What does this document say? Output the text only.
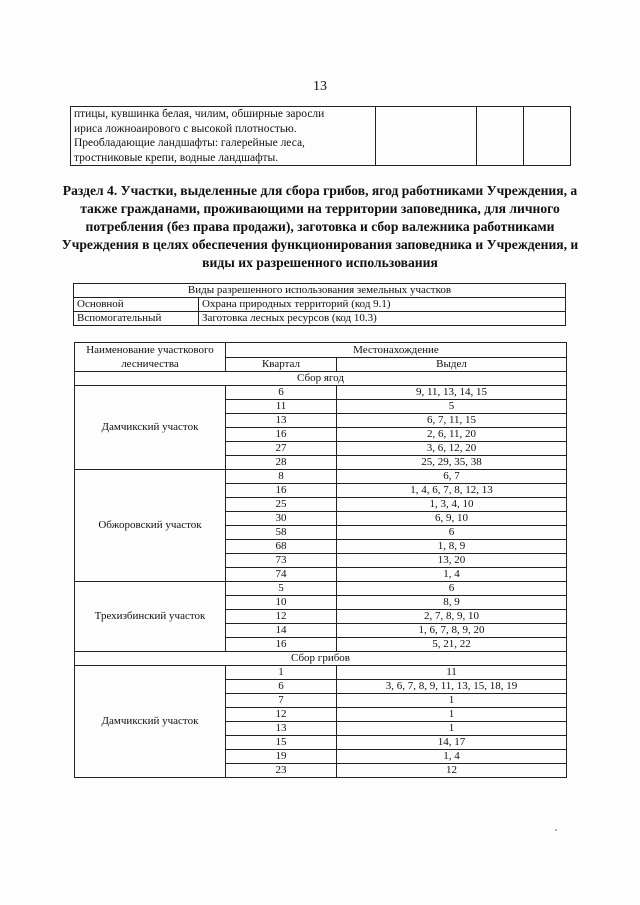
13
птицы, кувшинка белая, чилим, обширные заросли
ириса ложноаирового с высокой плотностью.
Преобладающие ландшафты: галерейные леса,
тростниковые крепи, водные ландшафты.

Раздел 4. Участки, выделенные для сбора грибов, ягод работниками Учреждения, а также гражданами, проживающими на территории заповедника, для личного потребления (без права продажи), заготовка и сбор валежника работниками Учреждения в целях обеспечения функционирования заповедника и Учреждения, и виды их разрешенного использования
Виды разрешенного использования земельных участков	
Основной	Охрана природных территорий (код 9.1)
Вспомогательный	Заготовка лесных ресурсов (код 10.3)
Наименование участкового лесничества	Местонахождение	
	Квартал	Выдел
Сбор ягод		
Дамчикский участок	6	9, 11, 13, 14, 15
	11	5
	13	6, 7, 11, 15
	16	2, 6, 11, 20
	27	3, 6, 12, 20
	28	25, 29, 35, 38
Обжоровский участок	8	6, 7
	16	1, 4, 6, 7, 8, 12, 13
	25	1, 3, 4, 10
	30	6, 9, 10
	58	6
	68	1, 8, 9
	73	13, 20
	74	1, 4
Трехизбинский участок	5	6
	10	8, 9
	12	2, 7, 8, 9, 10
	14	1, 6, 7, 8, 9, 20
	16	5, 21, 22
Сбор грибов		
Дамчикский участок	1	11
	6	3, 6, 7, 8, 9, 11, 13, 15, 18, 19
	7	1
	12	1
	13	1
	15	14, 17
	19	1, 4
	23	12
